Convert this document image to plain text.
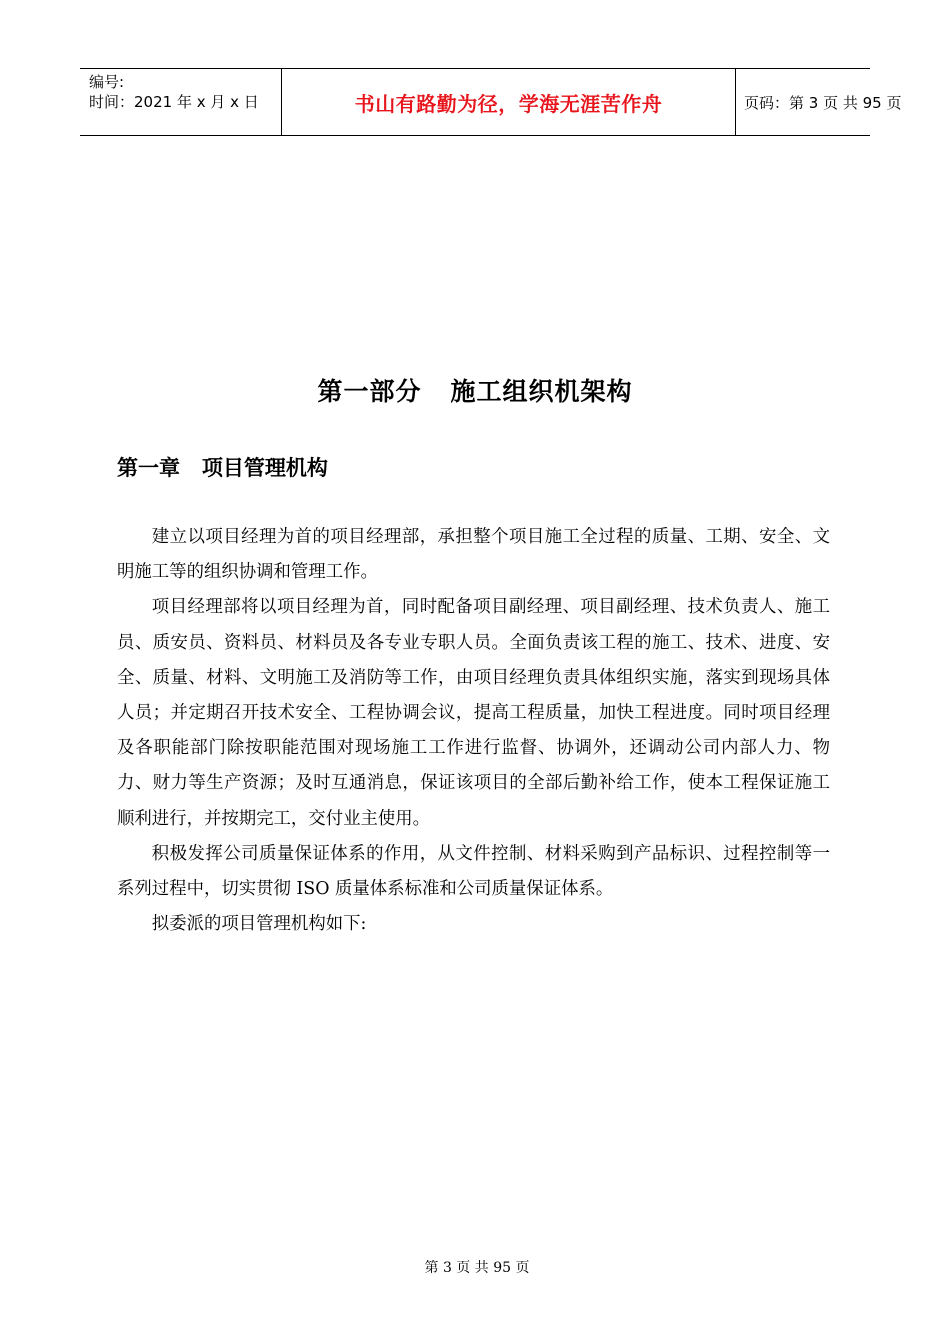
编号:
时间：2021 年 x 月 x 日	书山有路勤为径，学海无涯苦作舟	页码：第 3 页 共 95 页
第一部分   施工组织机架构
第一章   项目管理机构

建立以项目经理为首的项目经理部，承担整个项目施工全过程的质量、工期、安全、文明施工等的组织协调和管理工作。

项目经理部将以项目经理为首，同时配备项目副经理、项目副经理、技术负责人、施工员、质安员、资料员、材料员及各专业专职人员。全面负责该工程的施工、技术、进度、安全、质量、材料、文明施工及消防等工作，由项目经理负责具体组织实施，落实到现场具体人员；并定期召开技术安全、工程协调会议，提高工程质量，加快工程进度。同时项目经理及各职能部门除按职能范围对现场施工工作进行监督、协调外，还调动公司内部人力、物力、财力等生产资源；及时互通消息，保证该项目的全部后勤补给工作，使本工程保证施工顺利进行，并按期完工，交付业主使用。

积极发挥公司质量保证体系的作用，从文件控制、材料采购到产品标识、过程控制等一系列过程中，切实贯彻 ISO 质量体系标准和公司质量保证体系。

拟委派的项目管理机构如下:

第 3 页 共 95 页
